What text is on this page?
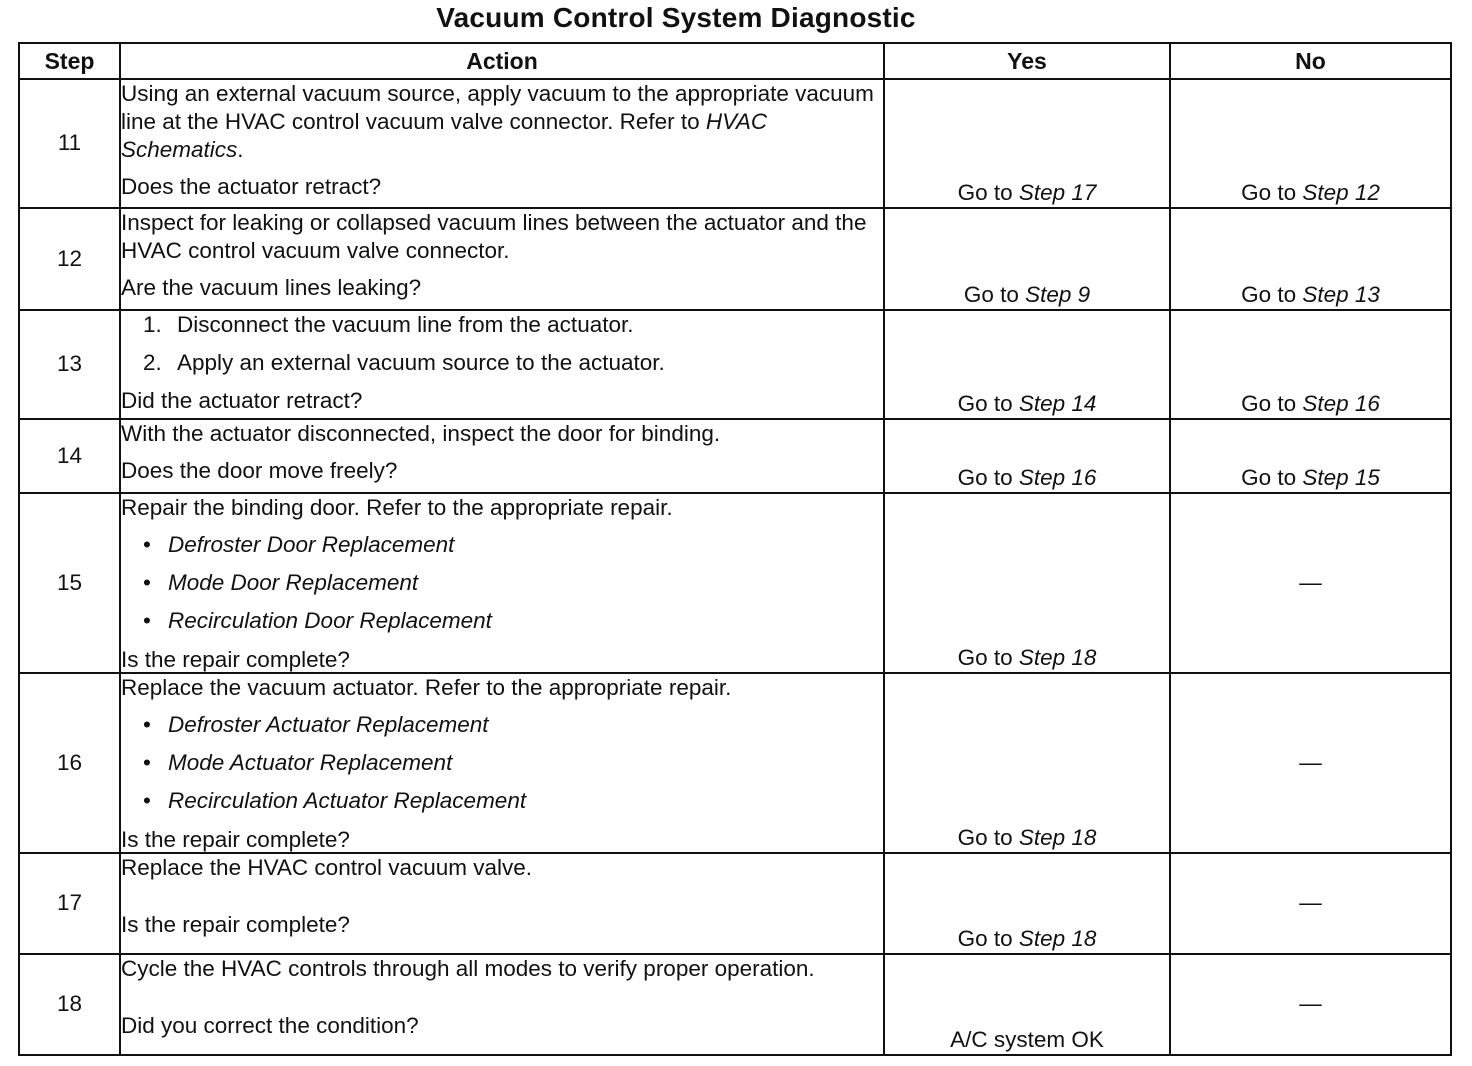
Vacuum Control System Diagnostic
Step	Action	Yes	No
11	Using an external vacuum source, apply vacuum to the appropriate vacuum line at the HVAC control vacuum valve connector. Refer to HVAC Schematics.
Does the actuator retract?	Go to Step 17	Go to Step 12
12	Inspect for leaking or collapsed vacuum lines between the actuator and the HVAC control vacuum valve connector.
Are the vacuum lines leaking?	Go to Step 9	Go to Step 13
13	1. Disconnect the vacuum line from the actuator.
2. Apply an external vacuum source to the actuator.
Did the actuator retract?	Go to Step 14	Go to Step 16
14	With the actuator disconnected, inspect the door for binding.
Does the door move freely?	Go to Step 16	Go to Step 15
15	Repair the binding door. Refer to the appropriate repair.
• Defroster Door Replacement
• Mode Door Replacement
• Recirculation Door Replacement
Is the repair complete?	Go to Step 18	—
16	Replace the vacuum actuator. Refer to the appropriate repair.
• Defroster Actuator Replacement
• Mode Actuator Replacement
• Recirculation Actuator Replacement
Is the repair complete?	Go to Step 18	—
17	Replace the HVAC control vacuum valve.
Is the repair complete?	Go to Step 18	—
18	Cycle the HVAC controls through all modes to verify proper operation.
Did you correct the condition?	A/C system OK	—
